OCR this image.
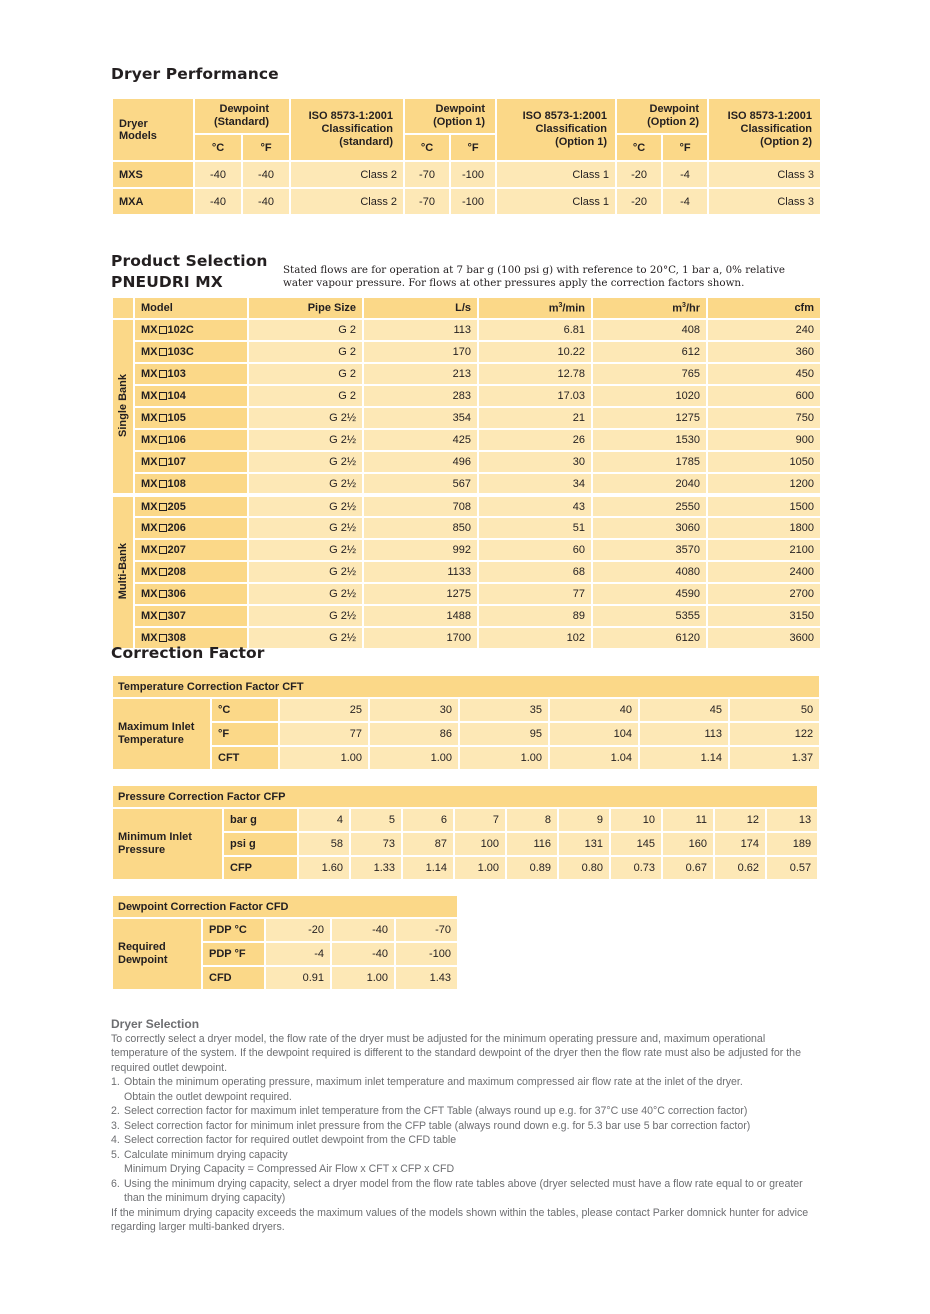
Dryer Performance
Dryer Models	Dewpoint (Standard)		ISO 8573-1:2001 Classification (standard)	Dewpoint (Option 1)		ISO 8573-1:2001 Classification (Option 1)	Dewpoint (Option 2)		ISO 8573-1:2001 Classification (Option 2)
	°C	°F		°C	°F		°C	°F	
MXS	-40	-40	Class 2	-70	-100	Class 1	-20	-4	Class 3
MXA	-40	-40	Class 2	-70	-100	Class 1	-20	-4	Class 3
Product Selection
PNEUDRI MX

Stated flows are for operation at 7 bar g (100 psi g) with reference to 20°C, 1 bar a, 0% relative water vapour pressure. For flows at other pressures apply the correction factors shown.

	Model	Pipe Size	L/s	$m^3/\min$	$m^3/hr$	cfm
Single Bank	MX 102C	G 2	113	6.81	408	240
	MX 103C	G 2	170	10.22	612	360
	MX 103	G 2	213	12.78	765	450
	MX 104	G 2	283	17.03	1020	600
	MX 105	G 2½	354	21	1275	750
	MX 106	G 2½	425	26	1530	900
	MX 107	G 2½	496	30	1785	1050
	MX 108	G 2½	567	34	2040	1200
Multi-Bank	MX 205	G 2½	708	43	2550	1500
	MX 206	G 2½	850	51	3060	1800
	MX 207	G 2½	992	60	3570	2100
	MX 208	G 2½	1133	68	4080	2400
	MX 306	G 2½	1275	77	4590	2700
	MX 307	G 2½	1488	89	5355	3150
	MX 308	G 2½	1700	102	6120	3600
Correction Factor
Temperature Correction Factor CFT							
Maximum Inlet Temperature	°C	25	30	35	40	45	50
	°F	77	86	95	104	113	122
	CFT	1.00	1.00	1.00	1.04	1.14	1.37
Pressure Correction Factor CFP											
Minimum Inlet Pressure	bar g	4	5	6	7	8	9	10	11	12	13
	psi g	58	73	87	100	116	131	145	160	174	189
	CFP	1.60	1.33	1.14	1.00	0.89	0.80	0.73	0.67	0.62	0.57
Dewpoint Correction Factor CFD				
Required Dewpoint	PDP °C	-20	-40	-70
	PDP °F	-4	-40	-100
	CFD	0.91	1.00	1.43

Dryer Selection

To correctly select a dryer model, the flow rate of the dryer must be adjusted for the minimum operating pressure and, maximum operational temperature of the system. If the dewpoint required is different to the standard dewpoint of the dryer then the flow rate must also be adjusted for the required outlet dewpoint.

1. Obtain the minimum operating pressure, maximum inlet temperature and maximum compressed air flow rate at the inlet of the dryer.
Obtain the outlet dewpoint required.
2. Select correction factor for maximum inlet temperature from the CFT Table (always round up e.g. for 37°C use 40°C correction factor)
3. Select correction factor for minimum inlet pressure from the CFP table (always round down e.g. for 5.3 bar use 5 bar correction factor)
4. Select correction factor for required outlet dewpoint from the CFD table
5. Calculate minimum drying capacity
Minimum Drying Capacity = Compressed Air Flow x CFT x CFP x CFD
6. Using the minimum drying capacity, select a dryer model from the flow rate tables above (dryer selected must have a flow rate equal to or greater than the minimum drying capacity)

If the minimum drying capacity exceeds the maximum values of the models shown within the tables, please contact Parker domnick hunter for advice regarding larger multi-banked dryers.
